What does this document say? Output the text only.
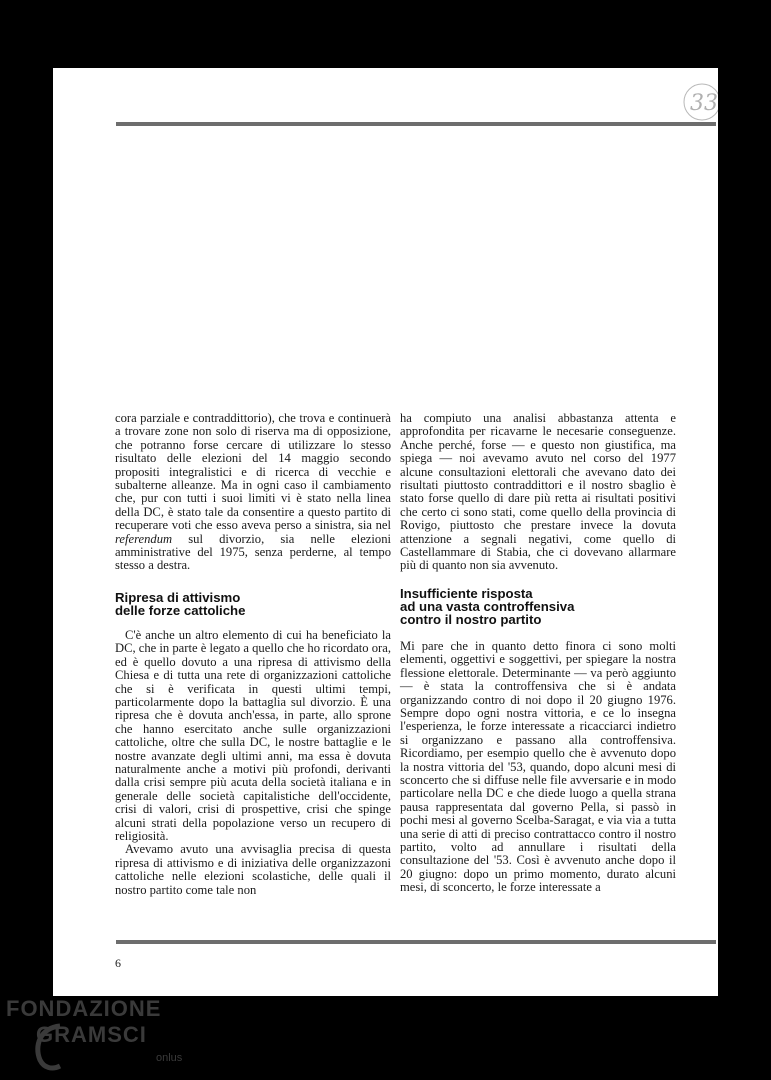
33

cora parziale e contraddittorio), che trova e continuerà a trovare zone non solo di riserva ma di opposizione, che potranno forse cercare di utilizzare lo stesso risultato delle elezioni del 14 maggio secondo propositi integralistici e di ricerca di vecchie e subalterne alleanze. Ma in ogni caso il cambiamento che, pur con tutti i suoi limiti vi è stato nella linea della DC, è stato tale da consentire a questo partito di recuperare voti che esso aveva perso a sinistra, sia nel referendum sul divorzio, sia nelle elezioni amministrative del 1975, senza perderne, al tempo stesso a destra.

Ripresa di attivismo
delle forze cattoliche

C'è anche un altro elemento di cui ha beneficiato la DC, che in parte è legato a quello che ho ricordato ora, ed è quello dovuto a una ripresa di attivismo della Chiesa e di tutta una rete di organizzazioni cattoliche che si è verificata in questi ultimi tempi, particolarmente dopo la battaglia sul divorzio. È una ripresa che è dovuta anch'essa, in parte, allo sprone che hanno esercitato anche sulle organizzazioni cattoliche, oltre che sulla DC, le nostre battaglie e le nostre avanzate degli ultimi anni, ma essa è dovuta naturalmente anche a motivi più profondi, derivanti dalla crisi sempre più acuta della società italiana e in generale delle società capitalistiche dell'occidente, crisi di valori, crisi di prospettive, crisi che spinge alcuni strati della popolazione verso un recupero di religiosità.

Avevamo avuto una avvisaglia precisa di questa ripresa di attivismo e di iniziativa delle organizzazoni cattoliche nelle elezioni scolastiche, delle quali il nostro partito come tale non

ha compiuto una analisi abbastanza attenta e approfondita per ricavarne le necesarie conseguenze. Anche perché, forse — e questo non giustifica, ma spiega — noi avevamo avuto nel corso del 1977 alcune consultazioni elettorali che avevano dato dei risultati piuttosto contraddittori e il nostro sbaglio è stato forse quello di dare più retta ai risultati positivi che certo ci sono stati, come quello della provincia di Rovigo, piuttosto che prestare invece la dovuta attenzione a segnali negativi, come quello di Castellammare di Stabia, che ci dovevano allarmare più di quanto non sia avvenuto.

Insufficiente risposta
ad una vasta controffensiva
contro il nostro partito

Mi pare che in quanto detto finora ci sono molti elementi, oggettivi e soggettivi, per spiegare la nostra flessione elettorale. Determinante — va però aggiunto — è stata la controffensiva che si è andata organizzando contro di noi dopo il 20 giugno 1976. Sempre dopo ogni nostra vittoria, e ce lo insegna l'esperienza, le forze interessate a ricacciarci indietro si organizzano e passano alla controffensiva. Ricordiamo, per esempio quello che è avvenuto dopo la nostra vittoria del '53, quando, dopo alcuni mesi di sconcerto che si diffuse nelle file avversarie e in modo particolare nella DC e che diede luogo a quella strana pausa rappresentata dal governo Pella, si passò in pochi mesi al governo Scelba-Saragat, e via via a tutta una serie di atti di preciso contrattacco contro il nostro partito, volto ad annullare i risultati della consultazione del '53. Così è avvenuto anche dopo il 20 giugno: dopo un primo momento, durato alcuni mesi, di sconcerto, le forze interessate a

6
FONDAZIONE
GRAMSCI
onlus
